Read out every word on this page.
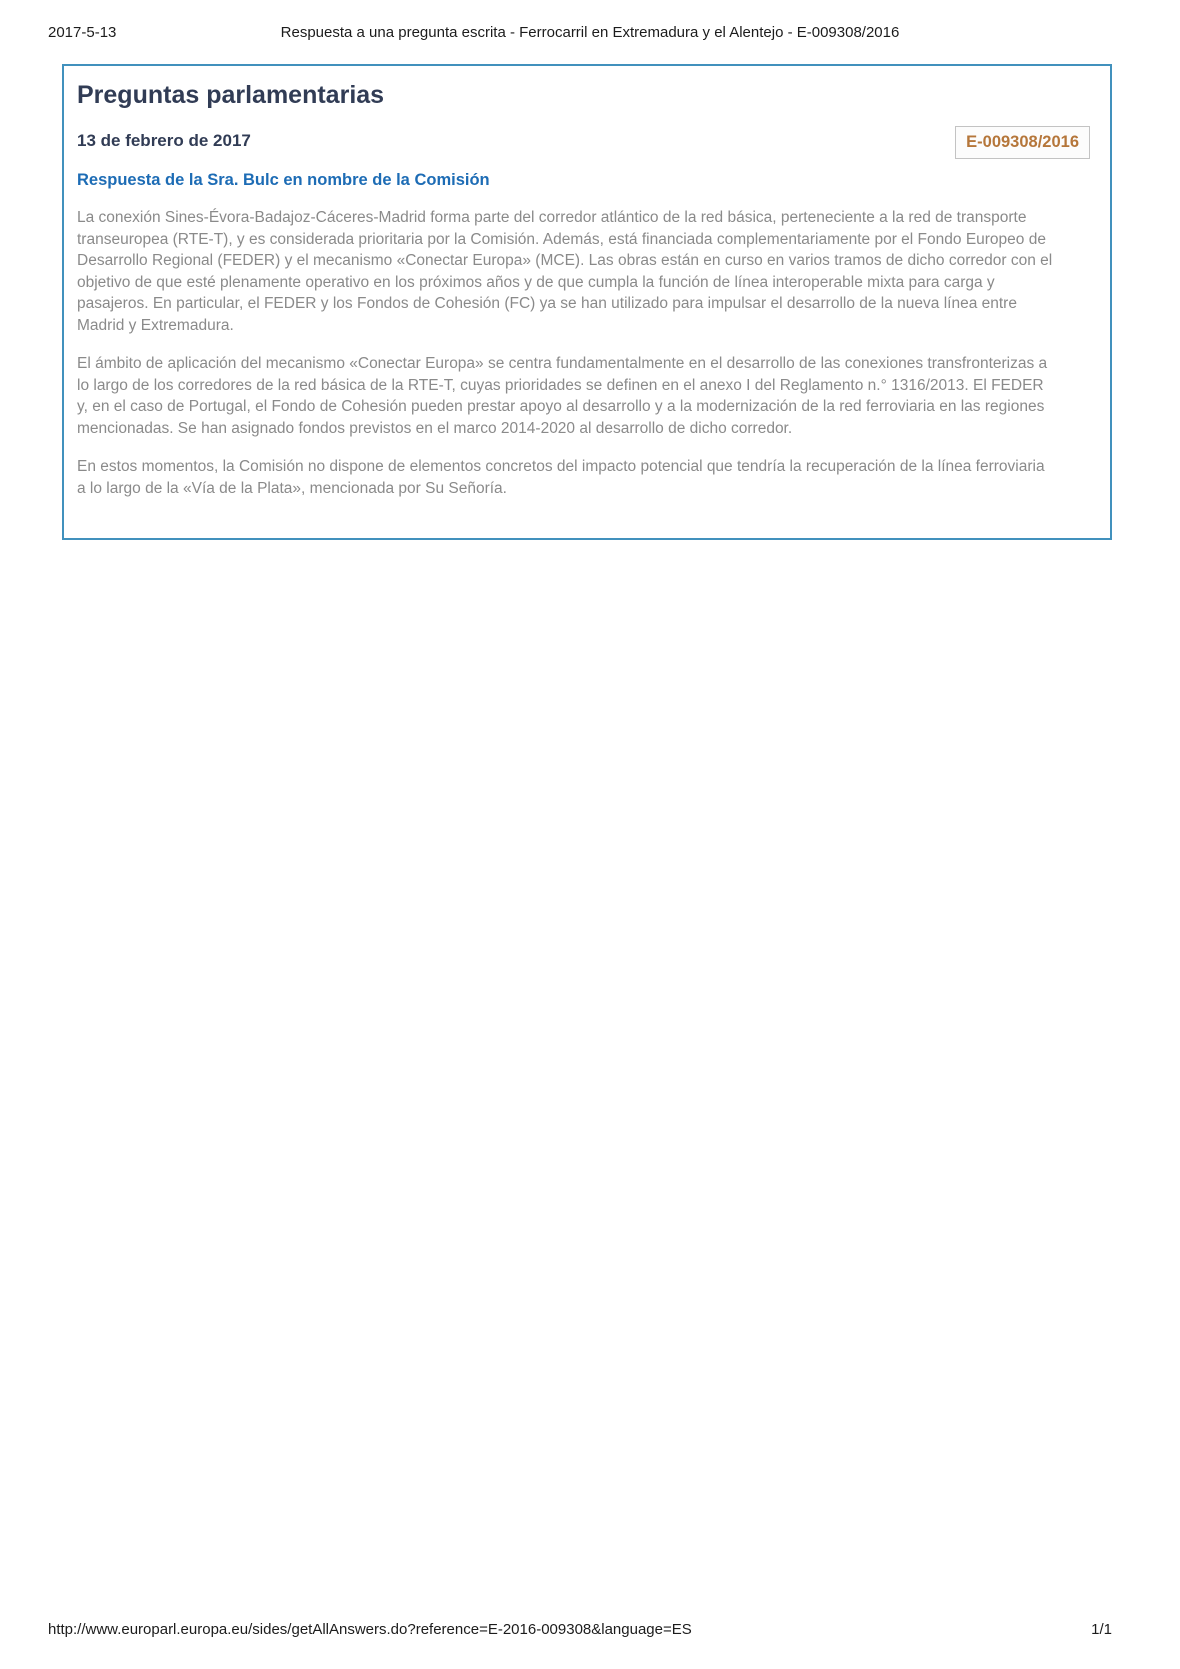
2017-5-13	Respuesta a una pregunta escrita - Ferrocarril en Extremadura y el Alentejo - E-009308/2016
Preguntas parlamentarias
13 de febrero de 2017	E-009308/2016
Respuesta de la Sra. Bulc en nombre de la Comisión

La conexión Sines-Évora-Badajoz-Cáceres-Madrid forma parte del corredor atlántico de la red básica, perteneciente a la red de transporte transeuropea (RTE-T), y es considerada prioritaria por la Comisión. Además, está financiada complementariamente por el Fondo Europeo de Desarrollo Regional (FEDER) y el mecanismo «Conectar Europa» (MCE). Las obras están en curso en varios tramos de dicho corredor con el objetivo de que esté plenamente operativo en los próximos años y de que cumpla la función de línea interoperable mixta para carga y pasajeros. En particular, el FEDER y los Fondos de Cohesión (FC) ya se han utilizado para impulsar el desarrollo de la nueva línea entre Madrid y Extremadura.

El ámbito de aplicación del mecanismo «Conectar Europa» se centra fundamentalmente en el desarrollo de las conexiones transfronterizas a lo largo de los corredores de la red básica de la RTE-T, cuyas prioridades se definen en el anexo I del Reglamento n.° 1316/2013. El FEDER y, en el caso de Portugal, el Fondo de Cohesión pueden prestar apoyo al desarrollo y a la modernización de la red ferroviaria en las regiones mencionadas. Se han asignado fondos previstos en el marco 2014-2020 al desarrollo de dicho corredor.

En estos momentos, la Comisión no dispone de elementos concretos del impacto potencial que tendría la recuperación de la línea ferroviaria a lo largo de la «Vía de la Plata», mencionada por Su Señoría.

http://www.europarl.europa.eu/sides/getAllAnswers.do?reference=E-2016-009308&language=ES	1/1
